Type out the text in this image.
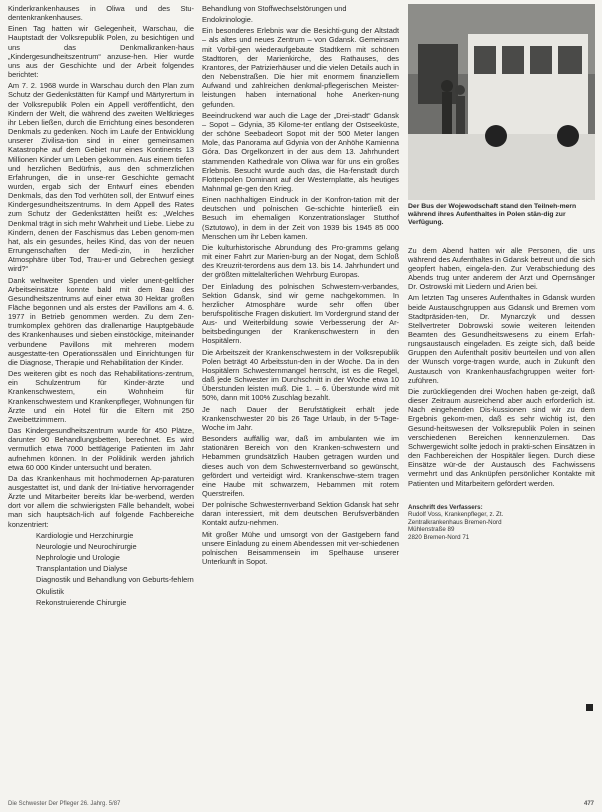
Kinderkrankenhauses in Oliwa und des Stu-dentenkrankenhauses.
Einen Tag hatten wir Gelegenheit, Warschau, die Hauptstadt der Volksrepublik Polen, zu besichtigen und uns das Denkmalkranken-haus „Kindergesundheitszentrum“ anzuse-hen. Hier wurde uns aus der Geschichte und der Arbeit folgendes berichtet:
Am 7. 2. 1968 wurde in Warschau durch den Plan zum Schutz der Gedenkstätten für Kampf und Märtyrertum in der Volksrepublik Polen ein Appell veröffentlicht, den Kindern der Welt, die während des zweiten Weltkrieges ihr Leben ließen, durch die Errichtung eines besonderen Denkmals zu gedenken. Noch im Laufe der Entwicklung unserer Zivilisa-tion sind in einer gemeinsamen Katastrophe auf dem Gebiet nur eines Kontinents 13 Millionen Kinder um Leben gekommen. Aus einem tiefen und herzlichen Bedürfnis, aus den schmerzlichen Erfahrungen, die in unse-rer Geschichte gemacht wurden, ergab sich der Entwurf eines ebenden Denkmals, das den Tod verhüten soll, der Entwurf eines Kindergesundheitszentrums. In dem Appell des Rates zum Schutz der Gedenkstätten heißt es: „Welches Denkmal trägt in sich mehr Wahrheit und Liebe. Liebe zu Kindern, denen der Faschismus das Leben genom-men hat, als ein gesundes, heiles Kind, das von der neuen Errungenschaften der Medi-zin, in herzlicher Atmosphäre über Tod, Trau-er und Gebrechen gesiegt wird?“
Dank weltweiter Spenden und vieler unent-geltlicher Arbeitseinsätze konnte bald mit dem Bau des Gesundheitszentrums auf einer etwa 30 Hektar großen Fläche begonnen und als erstes der Pavillons am 4. 6. 1977 in Betrieb genommen werden. Zu dem Zen-trumkomplex gehören das drallenartige Hauptgebäude des Krankenhauses und sieben einstöckige, miteinander verbundene Pavillons mit mehreren modern ausgestatte-ten Operationssälen und Einrichtungen für die Diagnose, Therapie und Rehabilitation der Kinder.
Des weiteren gibt es noch das Rehabilitations-zentrum, ein Schulzentrum für Kinder-ärzte und Krankenschwestern, ein Wohnheim für Krankenschwestern und Krankenpfleger, Wohnungen für Ärzte und ein Hotel für die Eltern mit 250 Zweibettzimmern.
Das Kindergesundheitszentrum wurde für 450 Plätze, darunter 90 Behandlungsbetten, berechnet. Es wird vermutlich etwa 7000 bettlägerige Patienten im Jahr aufnehmen können. In der Poliklinik werden jährlich etwa 60 000 Kinder untersucht und beraten.
Da das Krankenhaus mit hochmodernen Ap-paraturen ausgestattet ist, und dank der Ini-tiative hervorragender Ärzte und Mitarbeiter bereits klar be-werbend, werden dort vor allem die schwierigsten Fälle behandelt, wobei man sich hauptsäch-lich auf folgende Fachbereiche konzentriert:
Kardiologie und Herzchirurgie
Neurologie und Neurochirurgie
Nephrologie und Urologie
Transplantation und Dialyse
Diagnostik und Behandlung von Geburts-fehlern
Okulistik
Rekonstruierende Chirurgie
Behandlung von Stoffwechselstörungen und
Endokrinologie.
Ein besonderes Erlebnis war die Besichti-gung der Altstadt – als altes und neues Zentrum – von Gdansk. Gemeinsam mit Vorbil-gen wiederaufgebaute Stadtkern mit schönen Stadttoren, der Marienkirche, des Rathauses, des Krantores, der Patrizierhäuser und die vielen Details auch in den Nebenstraßen. Die hier mit enormem finanziellem Aufwand und zahlreichen denkmal-pflegerischen Meister-leistungen haben international hohe Anerken-nung gefunden.
Beeindruckend war auch die Lage der „Drei-stadt“ Gdansk – Sopot – Gdynia, 35 Kilome-ter entlang der Ostseeküste, der schöne Seebadeort Sopot mit der 500 Meter langen Mole, das Panorama auf Gdynia von der Anhöhe Kamienna Góra. Das Orgelkonzert in der aus dem 13. Jahrhundert stammenden Kathedrale von Oliwa war für uns ein großes Erlebnis. Besucht wurde auch das, die Ha-fenstadt durch Flottenpolen Dominant auf der Westernplatte, als heutiges Mahnmal ge-gen den Krieg.
Einen nachhaltigen Eindruck in der Konfron-tation mit der deutschen und polnischen Ge-schichte hinterließ ein Besuch im ehemaligen Konzentrationslager Stutthof (Sztutowo), in dem in der Zeit von 1939 bis 1945 85 000 Menschen um ihr Leben kamen.
Die kulturhistorische Abrundung des Pro-gramms gelang mit einer Fahrt zur Marien-burg an der Nogat, dem Schloß des Kreuzrit-terordens aus dem 13. bis 14. Jahrhundert und der größten mittelalterlichen Wehrburg Europas.
Der Einladung des polnischen Schwestern-verbandes, Sektion Gdansk, sind wir gerne nachgekommen. In herzlicher Atmosphäre wurde sehr offen über berufspolitische Fragen diskutiert. Im Vordergrund stand der Aus- und Weiterbildung sowie Verbesserung der Ar-beitsbedingungen der Krankenschwestern in den Hospitälern.
Die Arbeitszeit der Krankenschwestern in der Volksrepublik Polen beträgt 40 Arbeitsstun-den in der Woche. Da in den Hospitälern Schwesternmangel herrscht, ist es die Regel, daß jede Schwester im Durchschnitt in der Woche etwa 10 Überstunden leisten muß. Die 1. – 6. Überstunde wird mit 50%, dann mit 100% Zuschlag bezahlt.
Je nach Dauer der Berufstätigkeit erhält jede Krankenschwester 20 bis 26 Tage Urlaub, in der 5-Tage-Woche im Jahr.
Besonders auffällig war, daß im ambulanten wie im stationären Bereich von den Kranken-schwestern und Hebammen grundsätzlich Hauben getragen wurden und dieses auch von dem Schwesternverband so gewünscht, gefördert und verteidigt wird. Krankenschwe-stern tragen eine Haube mit schwarzem, Hebammen mit rotem Querstreifen.
Der polnische Schwesternverband Sektion Gdansk hat sehr daran interessiert, mit dem deutschen Berufsverbänden Kontakt aufzu-nehmen.
Mit großer Mühe und umsorgt von der Gastgebern fand unsere Einladung zu einem Abendessen mit ver-schiedenen polnischen Beisammensein im Spelhause unserer Unterkunft in Sopot.
Der Bus der Wojewodschaft stand den Teilneh-mern während ihres Aufenthaltes in Polen stän-dig zur Verfügung.
Zu dem Abend hatten wir alle Personen, die uns während des Aufenthaltes in Gdansk betreut und die sich geopfert haben, eingela-den. Zur Verabschiedung des Abends trug unter anderem der Arzt und Opernsänger Dr. Ostrowski mit Liedern und Arien bei.
Am letzten Tag unseres Aufenthaltes in Gdansk wurden beide Austauschgruppen aus Gdansk und Bremen vom Stadtpräsiden-ten, Dr. Mynarczyk und dessen Stellvertreter Dobrowski sowie weiteren leitenden Beamten des Gesundheitswesens zu einem Erfah-rungsaustausch eingeladen. Es zeigte sich, daß beide Gruppen den Aufenthalt positiv beurteilen und von allen der Wunsch vorge-tragen wurde, auch in Zukunft den Austausch von Krankenhausfachgruppen weiter fort-zuführen.
Die zurückliegenden drei Wochen haben ge-zeigt, daß dieser Zeitraum ausreichend aber auch erforderlich ist. Nach eingehenden Dis-kussionen sind wir zu dem Ergebnis gekom-men, daß es sehr wichtig ist, den Gesund-heitswesen der Volksrepublik Polen in seinen verschiedenen Bereichen kennenzulernen. Das Schwergewicht sollte jedoch in prakti-schen Einsätzen in den Fachbereichen der Hospitäler liegen. Durch diese Einsätze wür-de der Austausch des Fachwissens vermehrt und das Anknüpfen persönlicher Kontakte mit Patienten und Mitarbeitern gefördert werden.
Anschrift des Verfassers:
Rudolf Voss, Krankenpfleger, z. Zt.
Zentralkrankenhaus Bremen-Nord
Mühlenstraße 89
2820 Bremen-Nord 71
Die Schwester Der Pfleger 26. Jahrg. 5/87	477
